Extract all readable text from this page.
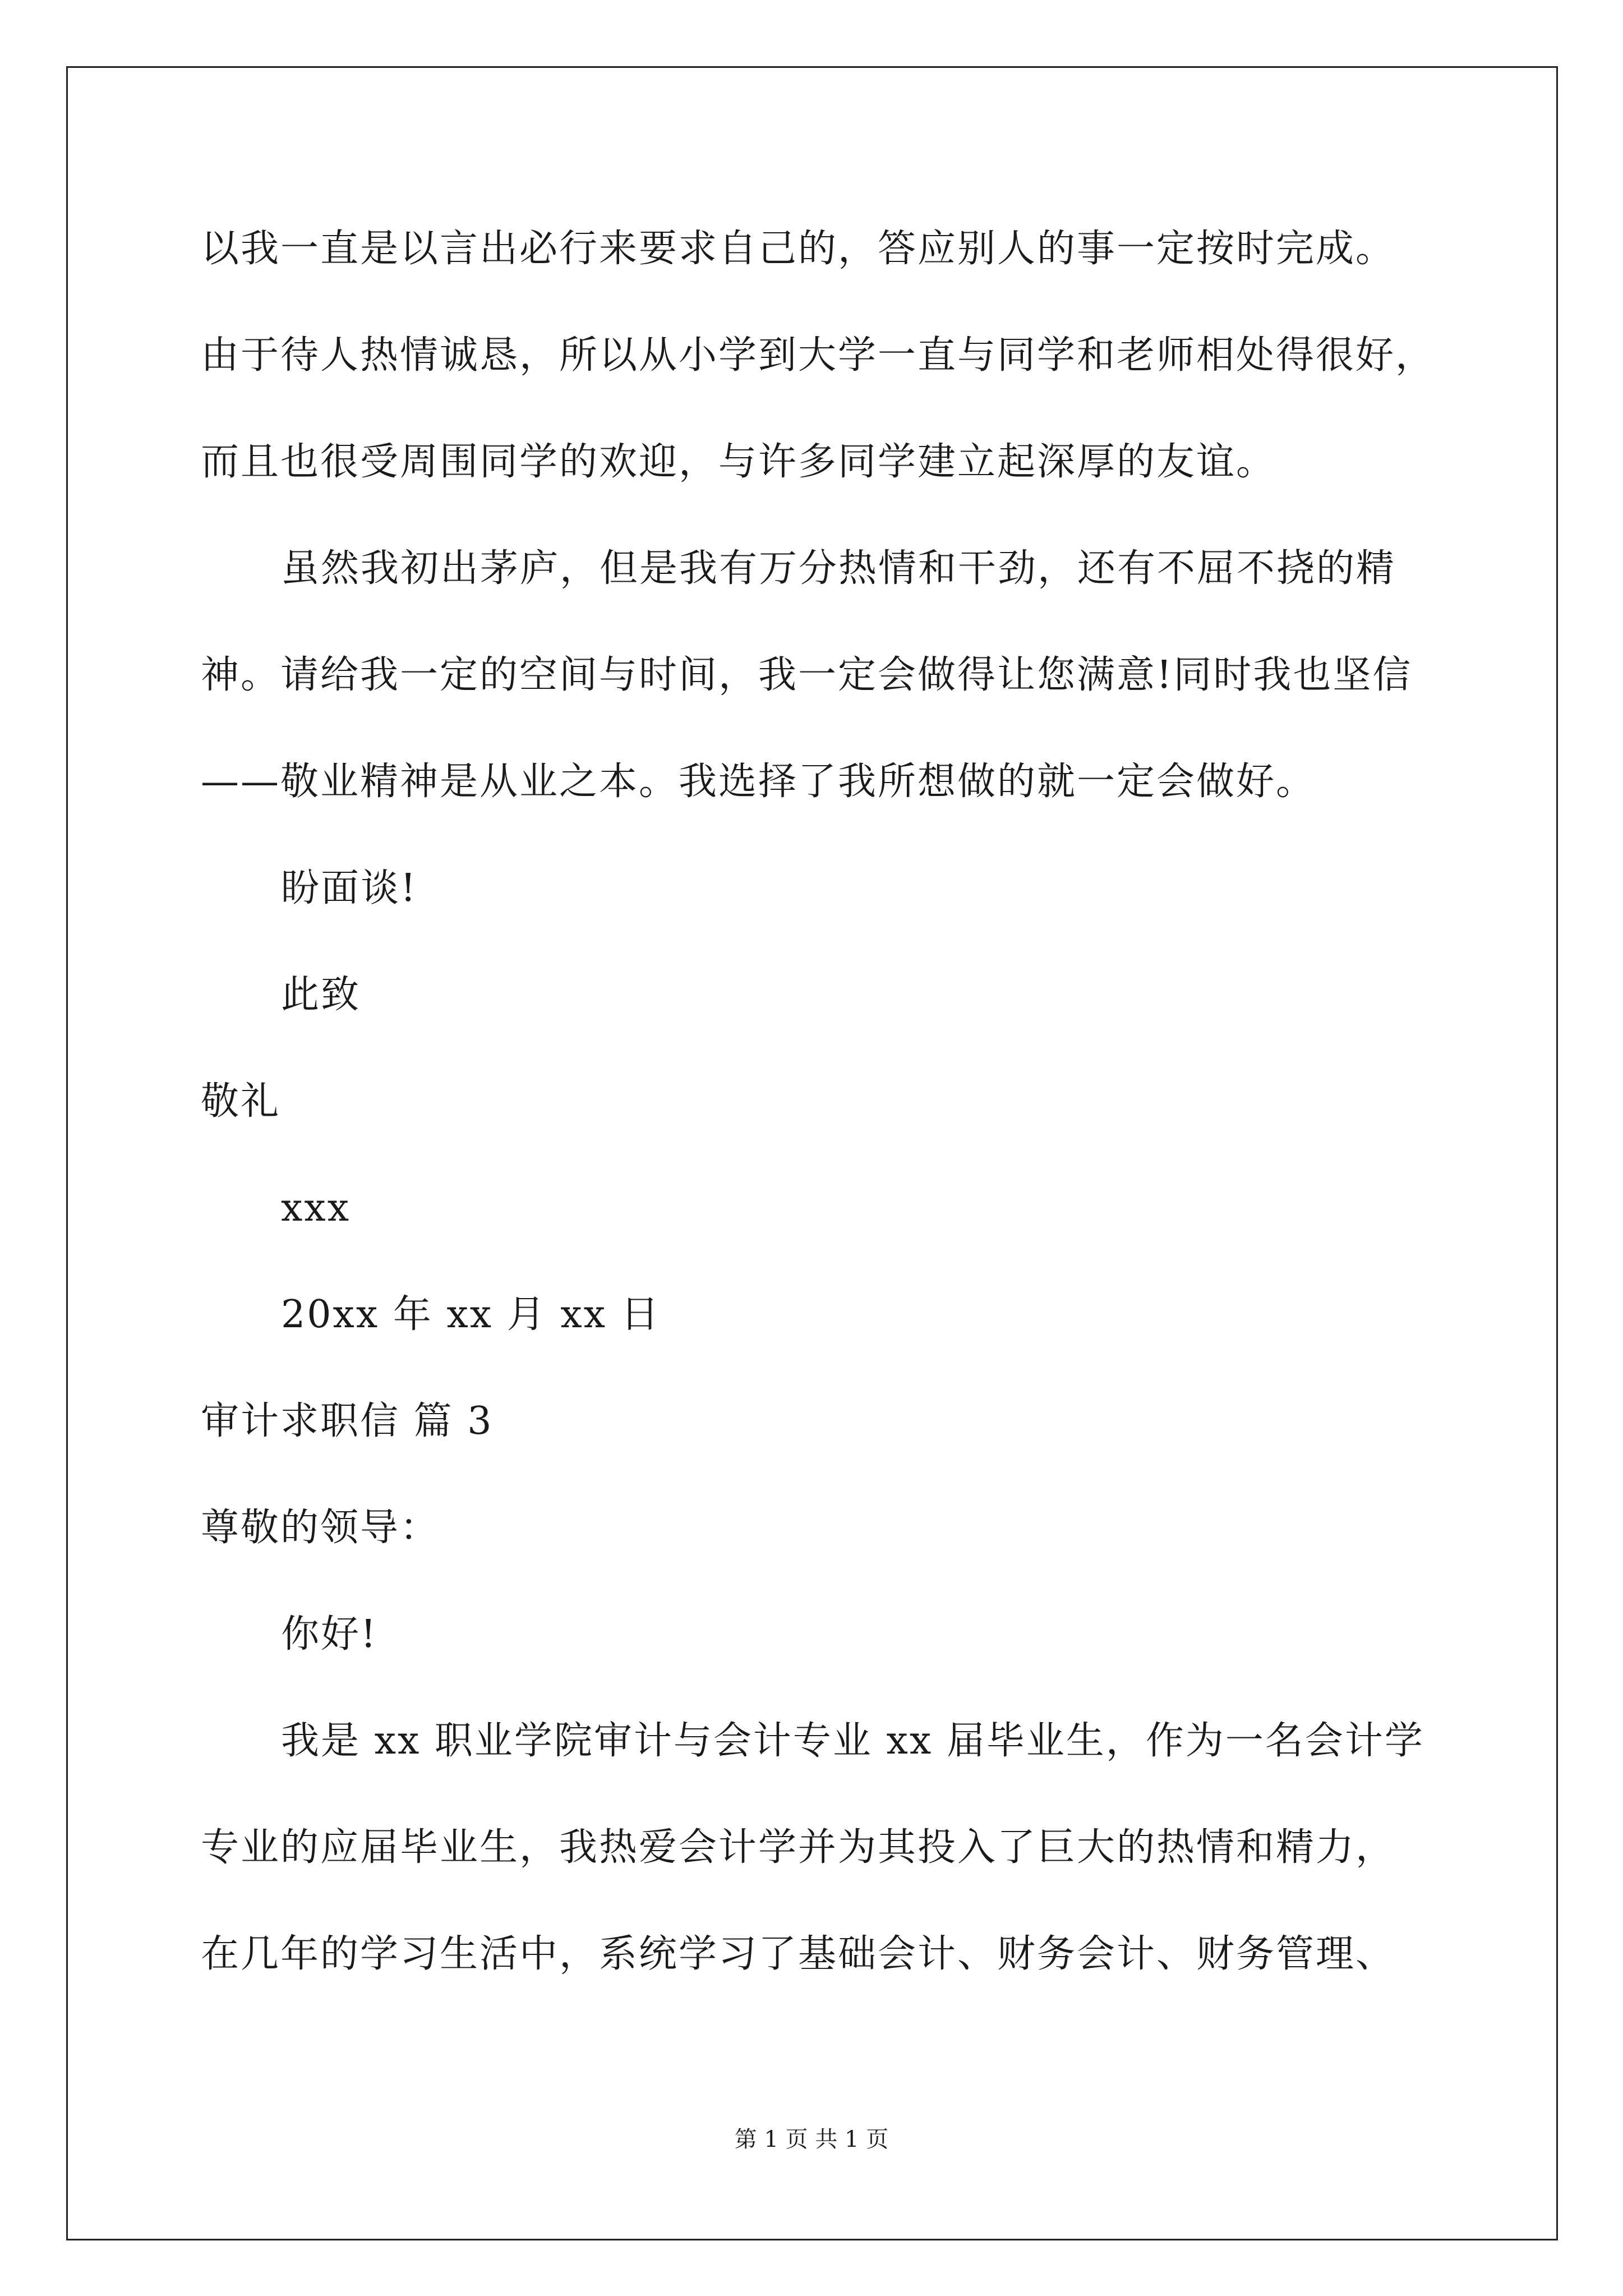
以我一直是以言出必行来要求自己的，答应别人的事一定按时完成。
由于待人热情诚恳，所以从小学到大学一直与同学和老师相处得很好，
而且也很受周围同学的欢迎，与许多同学建立起深厚的友谊。
虽然我初出茅庐，但是我有万分热情和干劲，还有不屈不挠的精
神。请给我一定的空间与时间，我一定会做得让您满意!同时我也坚信
——敬业精神是从业之本。我选择了我所想做的就一定会做好。
盼面谈!
此致
敬礼
xxx
20xx 年 xx 月 xx 日
审计求职信 篇 3
尊敬的领导：
你好!
我是 xx 职业学院审计与会计专业 xx 届毕业生，作为一名会计学
专业的应届毕业生，我热爱会计学并为其投入了巨大的热情和精力，
在几年的学习生活中，系统学习了基础会计、财务会计、财务管理、
第 1 页 共 1 页
